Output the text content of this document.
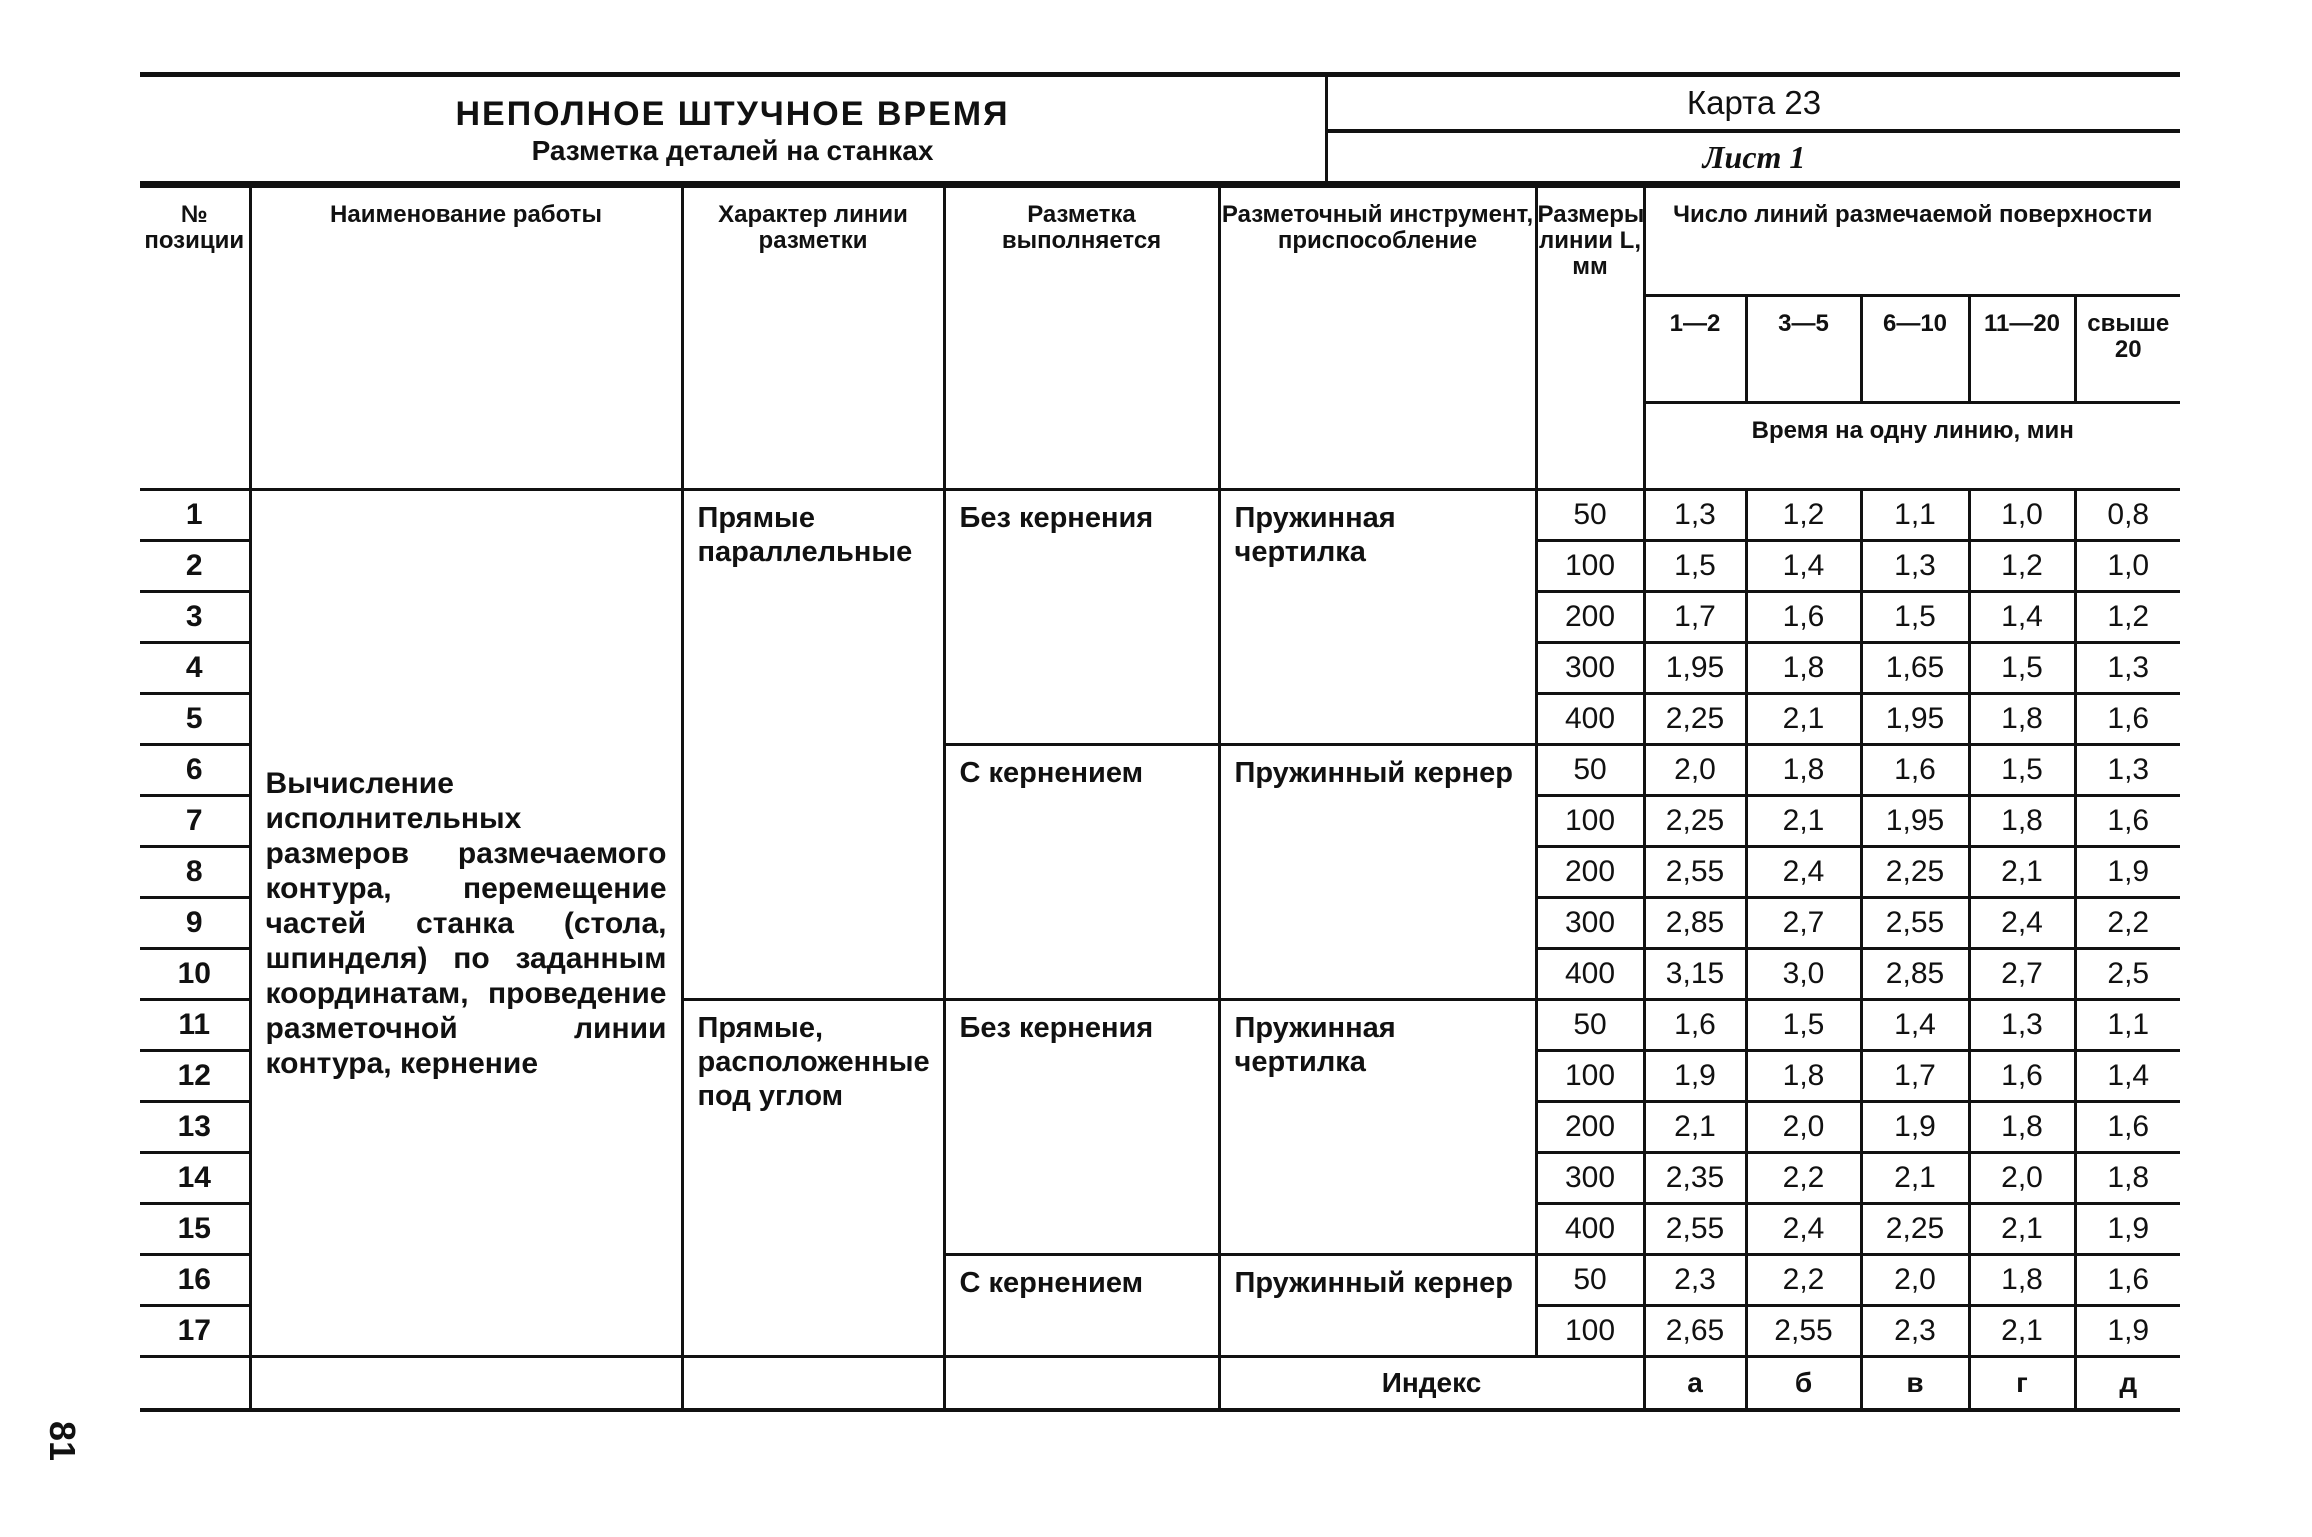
НЕПОЛНОЕ ШТУЧНОЕ ВРЕМЯ
Разметка деталей на станках
Карта 23
Лист 1
№ позиции	Наименование работы	Характер линии разметки	Разметка выполняется	Разметочный инструмент, приспособление	Размеры линии L, мм	Число линий размечаемой поверхности				
						1—2	3—5	6—10	11—20	свыше 20
						Время на одну линию, мин				
1	Вычисление исполнительных размеров размечаемого контура, перемещение частей станка (стола, шпинделя) по заданным координатам, проведение разметочной линии контура, кернение	Прямые параллельные	Без кернения	Пружинная чертилка	50	1,3	1,2	1,1	1,0	0,8
2					100	1,5	1,4	1,3	1,2	1,0
3					200	1,7	1,6	1,5	1,4	1,2
4					300	1,95	1,8	1,65	1,5	1,3
5					400	2,25	2,1	1,95	1,8	1,6
6			С кернением	Пружинный кернер	50	2,0	1,8	1,6	1,5	1,3
7					100	2,25	2,1	1,95	1,8	1,6
8					200	2,55	2,4	2,25	2,1	1,9
9					300	2,85	2,7	2,55	2,4	2,2
10					400	3,15	3,0	2,85	2,7	2,5
11		Прямые, расположенные под углом	Без кернения	Пружинная чертилка	50	1,6	1,5	1,4	1,3	1,1
12					100	1,9	1,8	1,7	1,6	1,4
13					200	2,1	2,0	1,9	1,8	1,6
14					300	2,35	2,2	2,1	2,0	1,8
15					400	2,55	2,4	2,25	2,1	1,9
16			С кернением	Пружинный кернер	50	2,3	2,2	2,0	1,8	1,6
17					100	2,65	2,55	2,3	2,1	1,9
				Индекс		а	б	в	г	д
81
